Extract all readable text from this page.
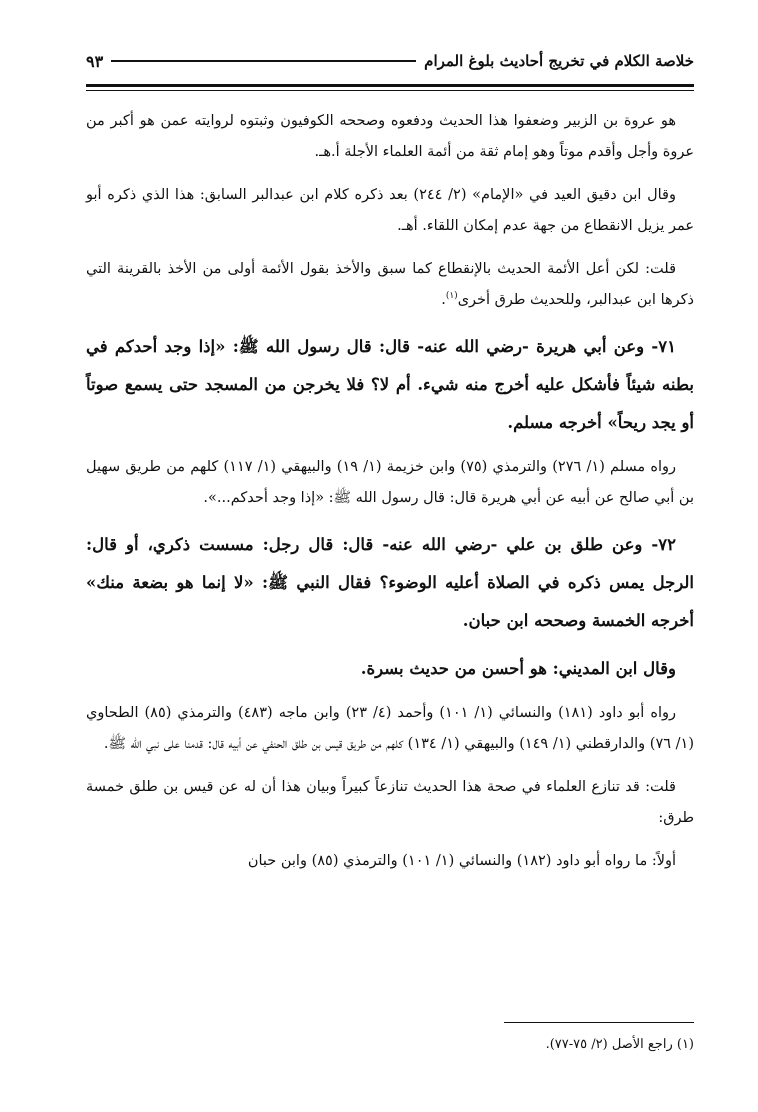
خلاصة الكلام في تخريج أحاديث بلوغ المرام
٩٣

هو عروة بن الزبير وضعفوا هذا الحديث ودفعوه وصححه الكوفيون وثبتوه لروايته عمن هو أكبر من عروة وأجل وأقدم موتاً وهو إمام ثقة من أئمة العلماء الأجلة أ.هـ.

وقال ابن دقيق العيد في «الإمام» (٢/ ٢٤٤) بعد ذكره كلام ابن عبدالبر السابق: هذا الذي ذكره أبو عمر يزيل الانقطاع من جهة عدم إمكان اللقاء. أهـ.

قلت: لكن أعل الأئمة الحديث بالإنقطاع كما سبق والأخذ بقول الأئمة أولى من الأخذ بالقرينة التي ذكرها ابن عبدالبر، وللحديث طرق أخرى$^{(١)}$.

٧١- وعن أبي هريرة -رضي الله عنه- قال: قال رسول الله ﷺ: «إذا وجد أحدكم في بطنه شيئاً فأشكل عليه أخرج منه شيء. أم لا؟ فلا يخرجن من المسجد حتى يسمع صوتاً أو يجد ريحاً» أخرجه مسلم.

رواه مسلم (١/ ٢٧٦) والترمذي (٧٥) وابن خزيمة (١/ ١٩) والبيهقي (١/ ١١٧) كلهم من طريق سهيل بن أبي صالح عن أبيه عن أبي هريرة قال: قال رسول الله ﷺ: «إذا وجد أحدكم...».

٧٢- وعن طلق بن علي -رضي الله عنه- قال: قال رجل: مسست ذكري، أو قال: الرجل يمس ذكره في الصلاة أعليه الوضوء؟ فقال النبي ﷺ: «لا إنما هو بضعة منك» أخرجه الخمسة وصححه ابن حبان.

وقال ابن المديني: هو أحسن من حديث بسرة.

رواه أبو داود (١٨١) والنسائي (١/ ١٠١) وأحمد (٤/ ٢٣) وابن ماجه (٤٨٣) والترمذي (٨٥) الطحاوي (١/ ٧٦) والدارقطني (١/ ١٤٩) والبيهقي (١/ ١٣٤) كلهم من طريق قيس بن طلق الحنفي عن أبيه قال: قدمنا على نبي الله ﷺ.

قلت: قد تنازع العلماء في صحة هذا الحديث تنازعاً كبيراً وبيان هذا أن له عن قيس بن طلق خمسة طرق:

أولاً: ما رواه أبو داود (١٨٢) والنسائي (١/ ١٠١) والترمذي (٨٥) وابن حبان

(١) راجع الأصل (٢/ ٧٥-٧٧).
